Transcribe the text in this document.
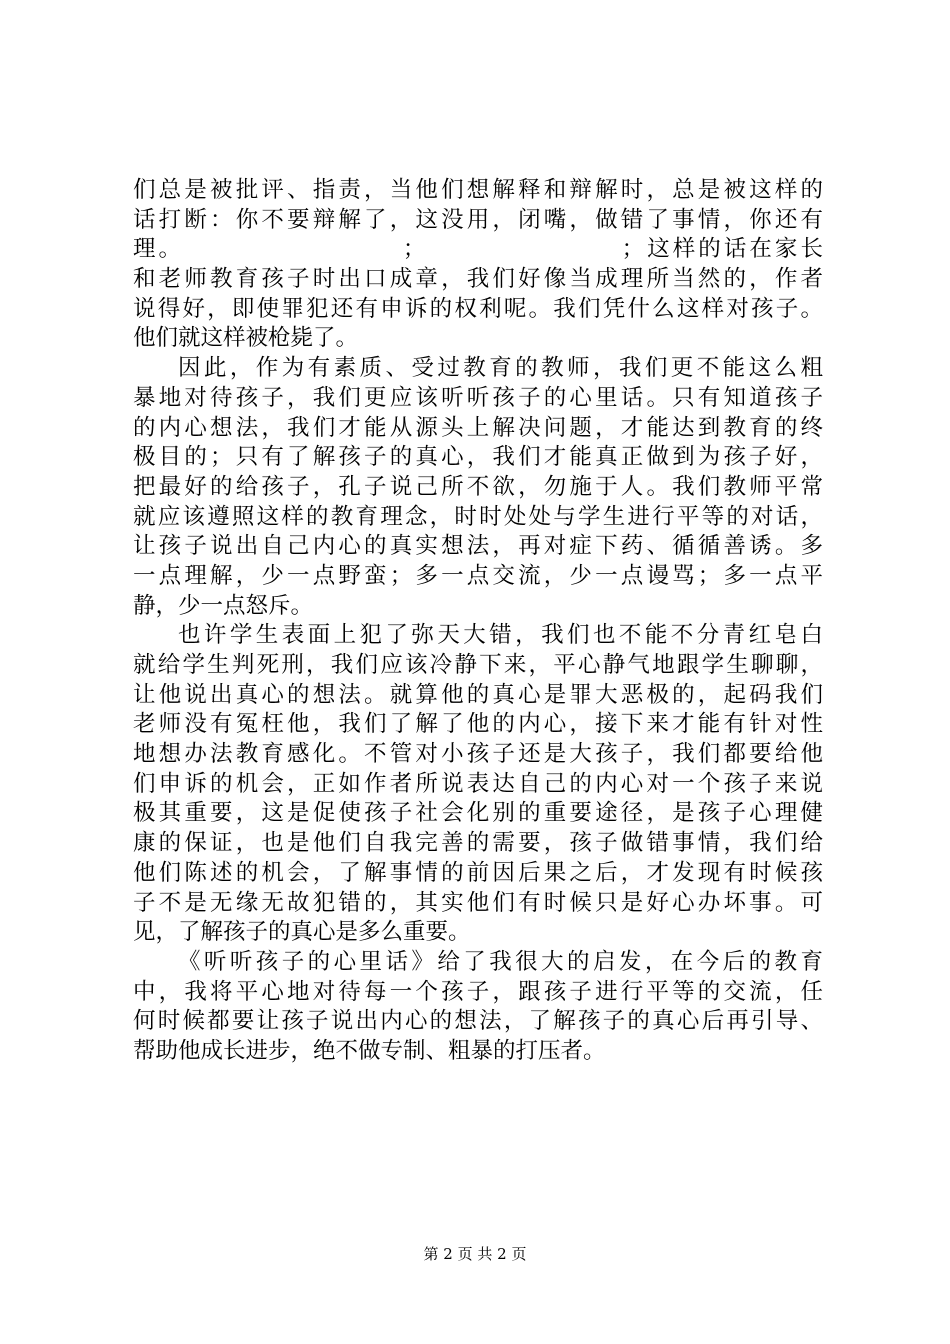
们总是被批评、指责，当他们想解释和辩解时，总是被这样的
话打断：你不要辩解了，这没用，闭嘴，做错了事情，你还有
理。　　　　　　　　　；　　　　　　　　；这样的话在家长
和老师教育孩子时出口成章，我们好像当成理所当然的，作者
说得好，即使罪犯还有申诉的权利呢。我们凭什么这样对孩子。
他们就这样被枪毙了。
因此，作为有素质、受过教育的教师，我们更不能这么粗
暴地对待孩子，我们更应该听听孩子的心里话。只有知道孩子
的内心想法，我们才能从源头上解决问题，才能达到教育的终
极目的；只有了解孩子的真心，我们才能真正做到为孩子好，
把最好的给孩子，孔子说己所不欲，勿施于人。我们教师平常
就应该遵照这样的教育理念，时时处处与学生进行平等的对话，
让孩子说出自己内心的真实想法，再对症下药、循循善诱。多
一点理解，少一点野蛮；多一点交流，少一点谩骂；多一点平
静，少一点怒斥。
也许学生表面上犯了弥天大错，我们也不能不分青红皂白
就给学生判死刑，我们应该冷静下来，平心静气地跟学生聊聊，
让他说出真心的想法。就算他的真心是罪大恶极的，起码我们
老师没有冤枉他，我们了解了他的内心，接下来才能有针对性
地想办法教育感化。不管对小孩子还是大孩子，我们都要给他
们申诉的机会，正如作者所说表达自己的内心对一个孩子来说
极其重要，这是促使孩子社会化别的重要途径，是孩子心理健
康的保证，也是他们自我完善的需要，孩子做错事情，我们给
他们陈述的机会，了解事情的前因后果之后，才发现有时候孩
子不是无缘无故犯错的，其实他们有时候只是好心办坏事。可
见，了解孩子的真心是多么重要。
《听听孩子的心里话》给了我很大的启发，在今后的教育
中，我将平心地对待每一个孩子，跟孩子进行平等的交流，任
何时候都要让孩子说出内心的想法，了解孩子的真心后再引导、
帮助他成长进步，绝不做专制、粗暴的打压者。
第 2 页 共 2 页
